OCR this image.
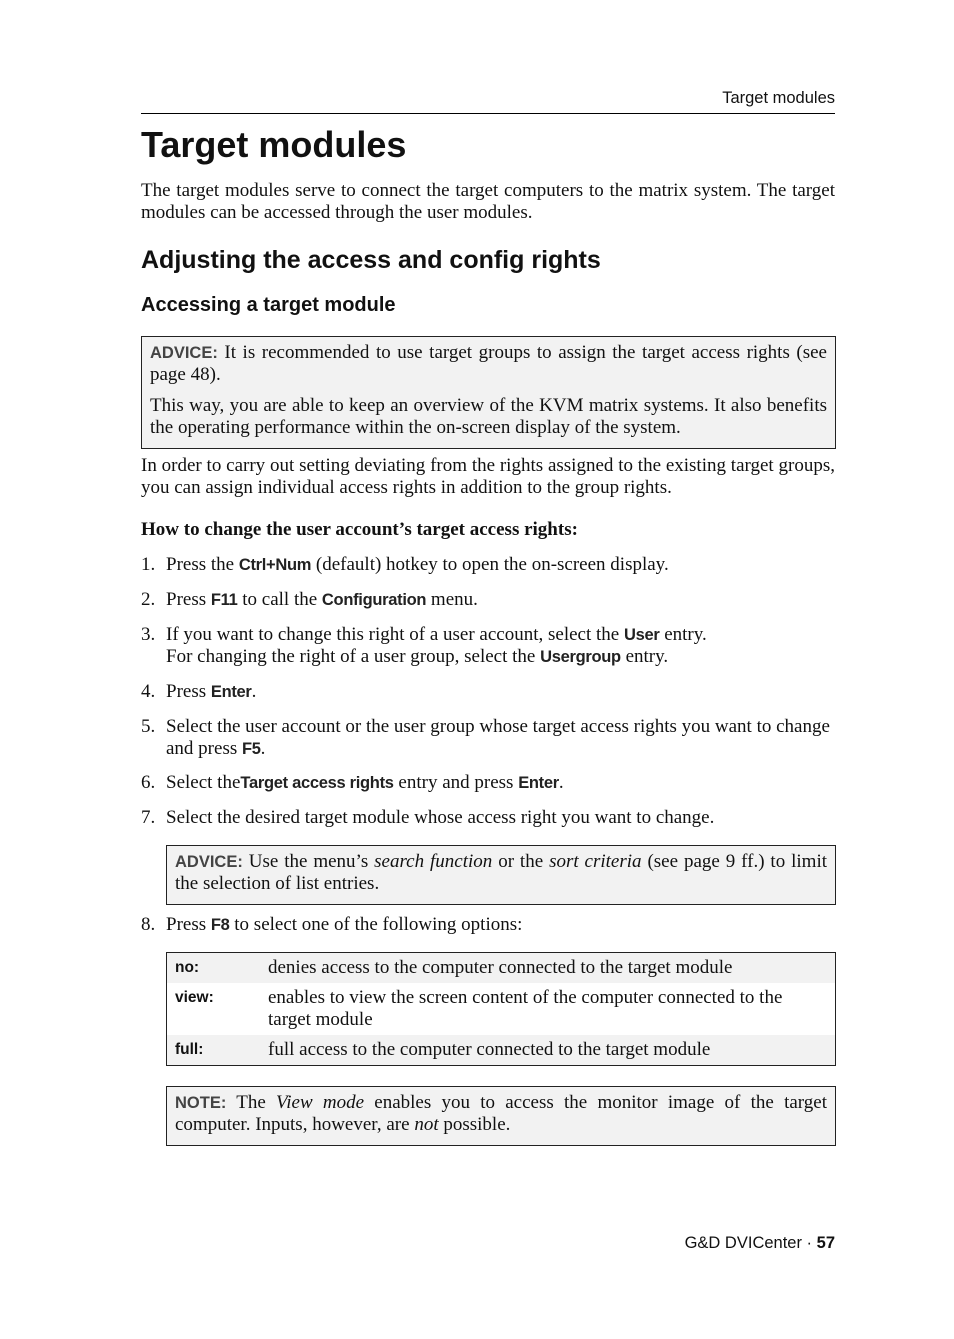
Target modules
Target modules

The target modules serve to connect the target computers to the matrix system. The target modules can be accessed through the user modules.

Adjusting the access and config rights
Accessing a target module

ADVICE: It is recommended to use target groups to assign the target access rights (see page 48).

This way, you are able to keep an overview of the KVM matrix systems. It also benefits the operating performance within the on-screen display of the system.

In order to carry out setting deviating from the rights assigned to the existing target groups, you can assign individual access rights in addition to the group rights.

How to change the user account’s target access rights:
1. Press the Ctrl+Num (default) hotkey to open the on-screen display.
2. Press F11 to call the Configuration menu.
3. If you want to change this right of a user account, select the User entry.
For changing the right of a user group, select the Usergroup entry.
4. Press Enter.
5. Select the user account or the user group whose target access rights you want to change and press F5.
6. Select theTarget access rights entry and press Enter.
7. Select the desired target module whose access right you want to change.

ADVICE: Use the menu’s search function or the sort criteria (see page 9 ff.) to limit the selection of list entries.

8. Press F8 to select one of the following options:
no:	denies access to the computer connected to the target module
view:	enables to view the screen content of the computer connected to the target module
full:	full access to the computer connected to the target module

NOTE: The View mode enables you to access the monitor image of the target computer. Inputs, however, are not possible.

G&D DVICenter · 57
